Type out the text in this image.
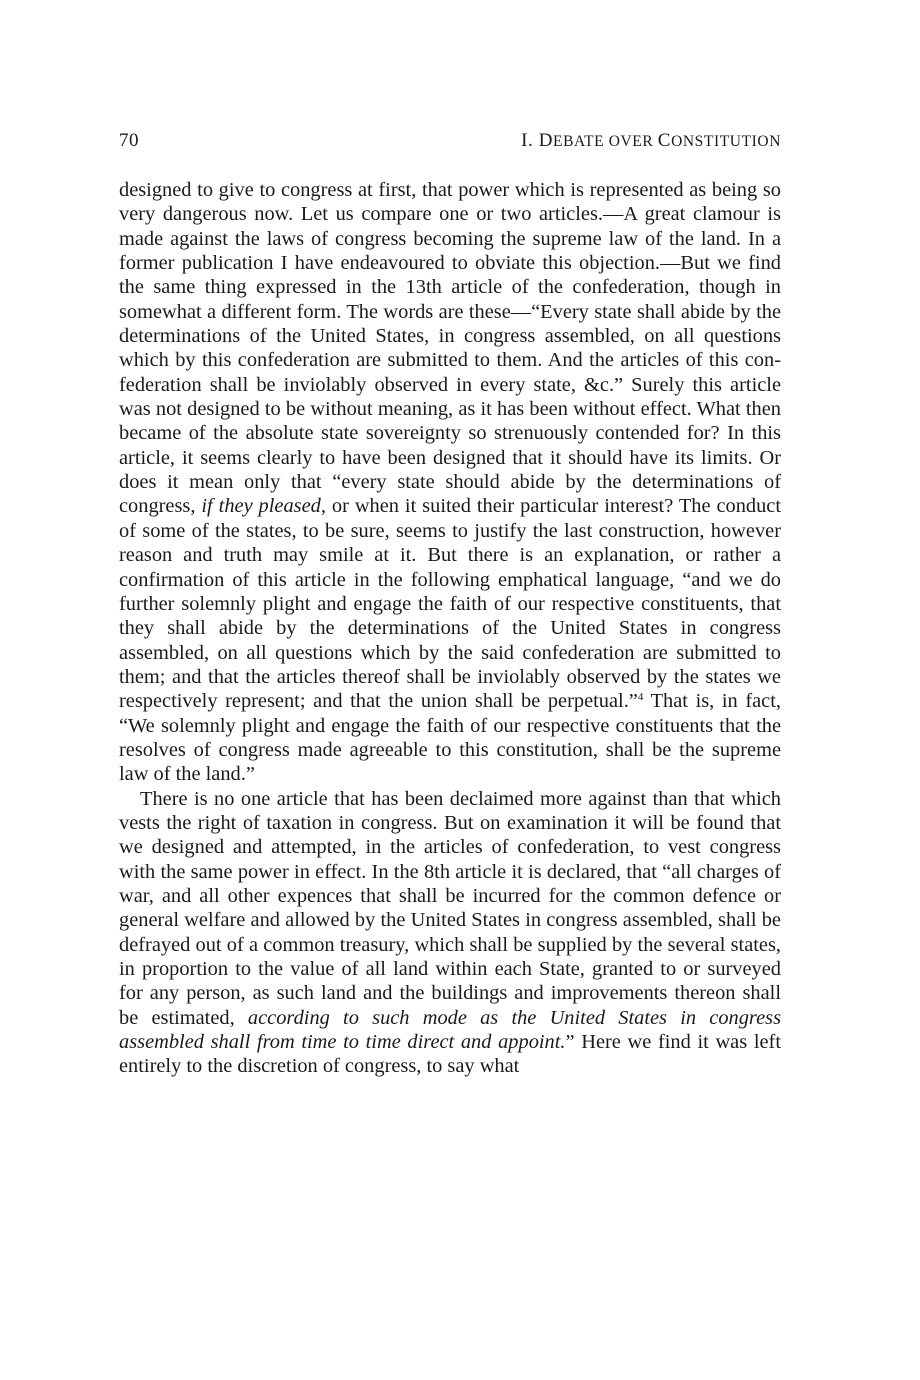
70	I. DEBATE OVER CONSTITUTION

designed to give to congress at first, that power which is represented as being so very dangerous now. Let us compare one or two articles.—A great clamour is made against the laws of congress becoming the supreme law of the land. In a former publication I have endeavoured to obviate this objection.—But we find the same thing expressed in the 13th article of the confederation, though in somewhat a different form. The words are these—“Every state shall abide by the determinations of the United States, in congress assembled, on all questions which by this confederation are submitted to them. And the articles of this confederation shall be inviolably observed in every state, &c.” Surely this article was not designed to be without meaning, as it has been without effect. What then became of the absolute state sovereignty so strenuously contended for? In this article, it seems clearly to have been designed that it should have its limits. Or does it mean only that “every state should abide by the determinations of congress, if they pleased, or when it suited their particular interest? The conduct of some of the states, to be sure, seems to justify the last construction, however reason and truth may smile at it. But there is an explanation, or rather a confirmation of this article in the following emphatical language, “and we do further solemnly plight and engage the faith of our respective constituents, that they shall abide by the determinations of the United States in congress assembled, on all questions which by the said confederation are submitted to them; and that the articles thereof shall be inviolably observed by the states we respectively represent; and that the union shall be perpetual.”$^4$ That is, in fact, “We solemnly plight and engage the faith of our respective constituents that the resolves of congress made agreeable to this constitution, shall be the supreme law of the land.”

There is no one article that has been declaimed more against than that which vests the right of taxation in congress. But on examination it will be found that we designed and attempted, in the articles of confederation, to vest congress with the same power in effect. In the 8th article it is declared, that “all charges of war, and all other expences that shall be incurred for the common defence or general welfare and allowed by the United States in congress assembled, shall be defrayed out of a common treasury, which shall be supplied by the several states, in proportion to the value of all land within each State, granted to or surveyed for any person, as such land and the buildings and improvements thereon shall be estimated, according to such mode as the United States in congress assembled shall from time to time direct and appoint.” Here we find it was left entirely to the discretion of congress, to say what
